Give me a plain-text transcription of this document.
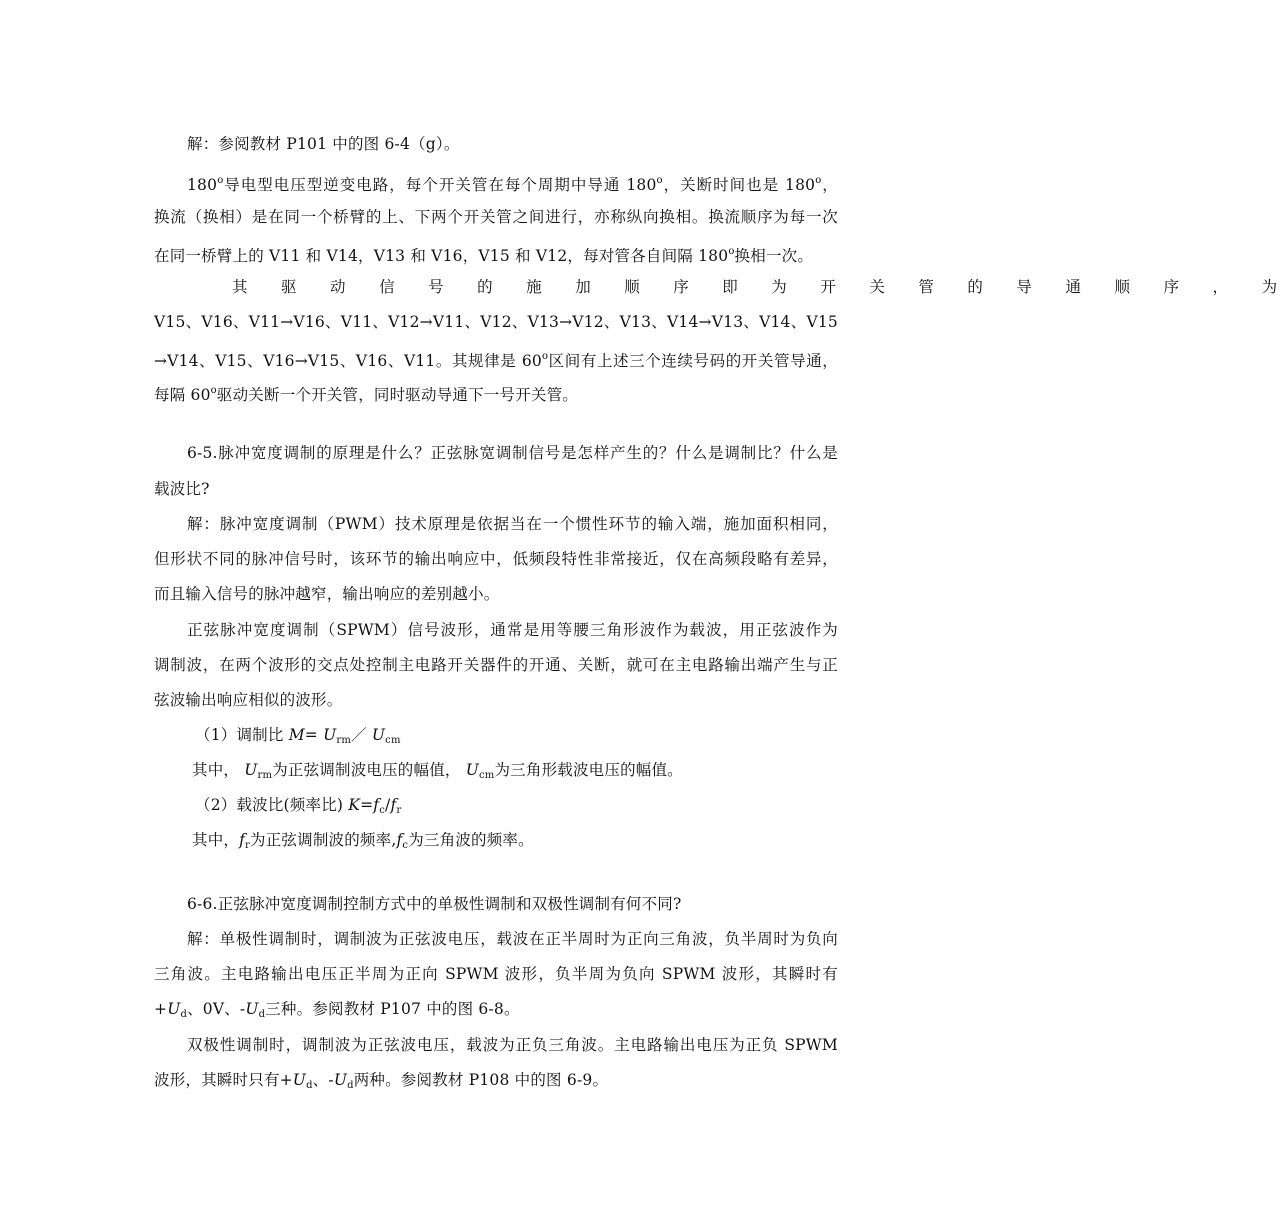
解：参阅教材 P101 中的图 6-4（g）。
180$^o$导电型电压型逆变电路，每个开关管在每个周期中导通 180$^o$，关断时间也是 180$^o$，
换流（换相）是在同一个桥臂的上、下两个开关管之间进行，亦称纵向换相。换流顺序为每一次
在同一桥臂上的 V11 和 V14，V13 和 V16，V15 和 V12，每对管各自间隔 180$^o$换相一次。
其 驱 动 信 号 的 施 加 顺 序 即 为 开 关 管 的 导 通 顺 序 ， 为
V15、V16、V11→V16、V11、V12→V11、V12、V13→V12、V13、V14→V13、V14、V15
→V14、V15、V16→V15、V16、V11。其规律是 60$^o$区间有上述三个连续号码的开关管导通，
每隔 60$^o$驱动关断一个开关管，同时驱动导通下一号开关管。
6-5.脉冲宽度调制的原理是什么？正弦脉宽调制信号是怎样产生的？什么是调制比？什么是
载波比?
解：脉冲宽度调制（PWM）技术原理是依据当在一个惯性环节的输入端，施加面积相同，
但形状不同的脉冲信号时，该环节的输出响应中，低频段特性非常接近，仅在高频段略有差异，
而且输入信号的脉冲越窄，输出响应的差别越小。
正弦脉冲宽度调制（SPWM）信号波形，通常是用等腰三角形波作为载波，用正弦波作为
调制波，在两个波形的交点处控制主电路开关器件的开通、关断，就可在主电路输出端产生与正
弦波输出响应相似的波形。
（1）调制比 $M= U_{rm}/$ $U_{cm}$
其中， $U_{rm}$为正弦调制波电压的幅值， $U_{cm}$为三角形载波电压的幅值。
（2）载波比(频率比) $K=f_c/f_r$
其中，$f_r$为正弦调制波的频率$,f_c$为三角波的频率。
6-6.正弦脉冲宽度调制控制方式中的单极性调制和双极性调制有何不同?
解：单极性调制时，调制波为正弦波电压，载波在正半周时为正向三角波，负半周时为负向
三角波。主电路输出电压正半周为正向 SPWM 波形，负半周为负向 SPWM 波形，其瞬时有
$+U_d$、0V、$-U_d$三种。参阅教材 P107 中的图 6-8。
双极性调制时，调制波为正弦波电压，载波为正负三角波。主电路输出电压为正负 SPWM
波形，其瞬时只有$+U_d$、$-U_d$两种。参阅教材 P108 中的图 6-9。
